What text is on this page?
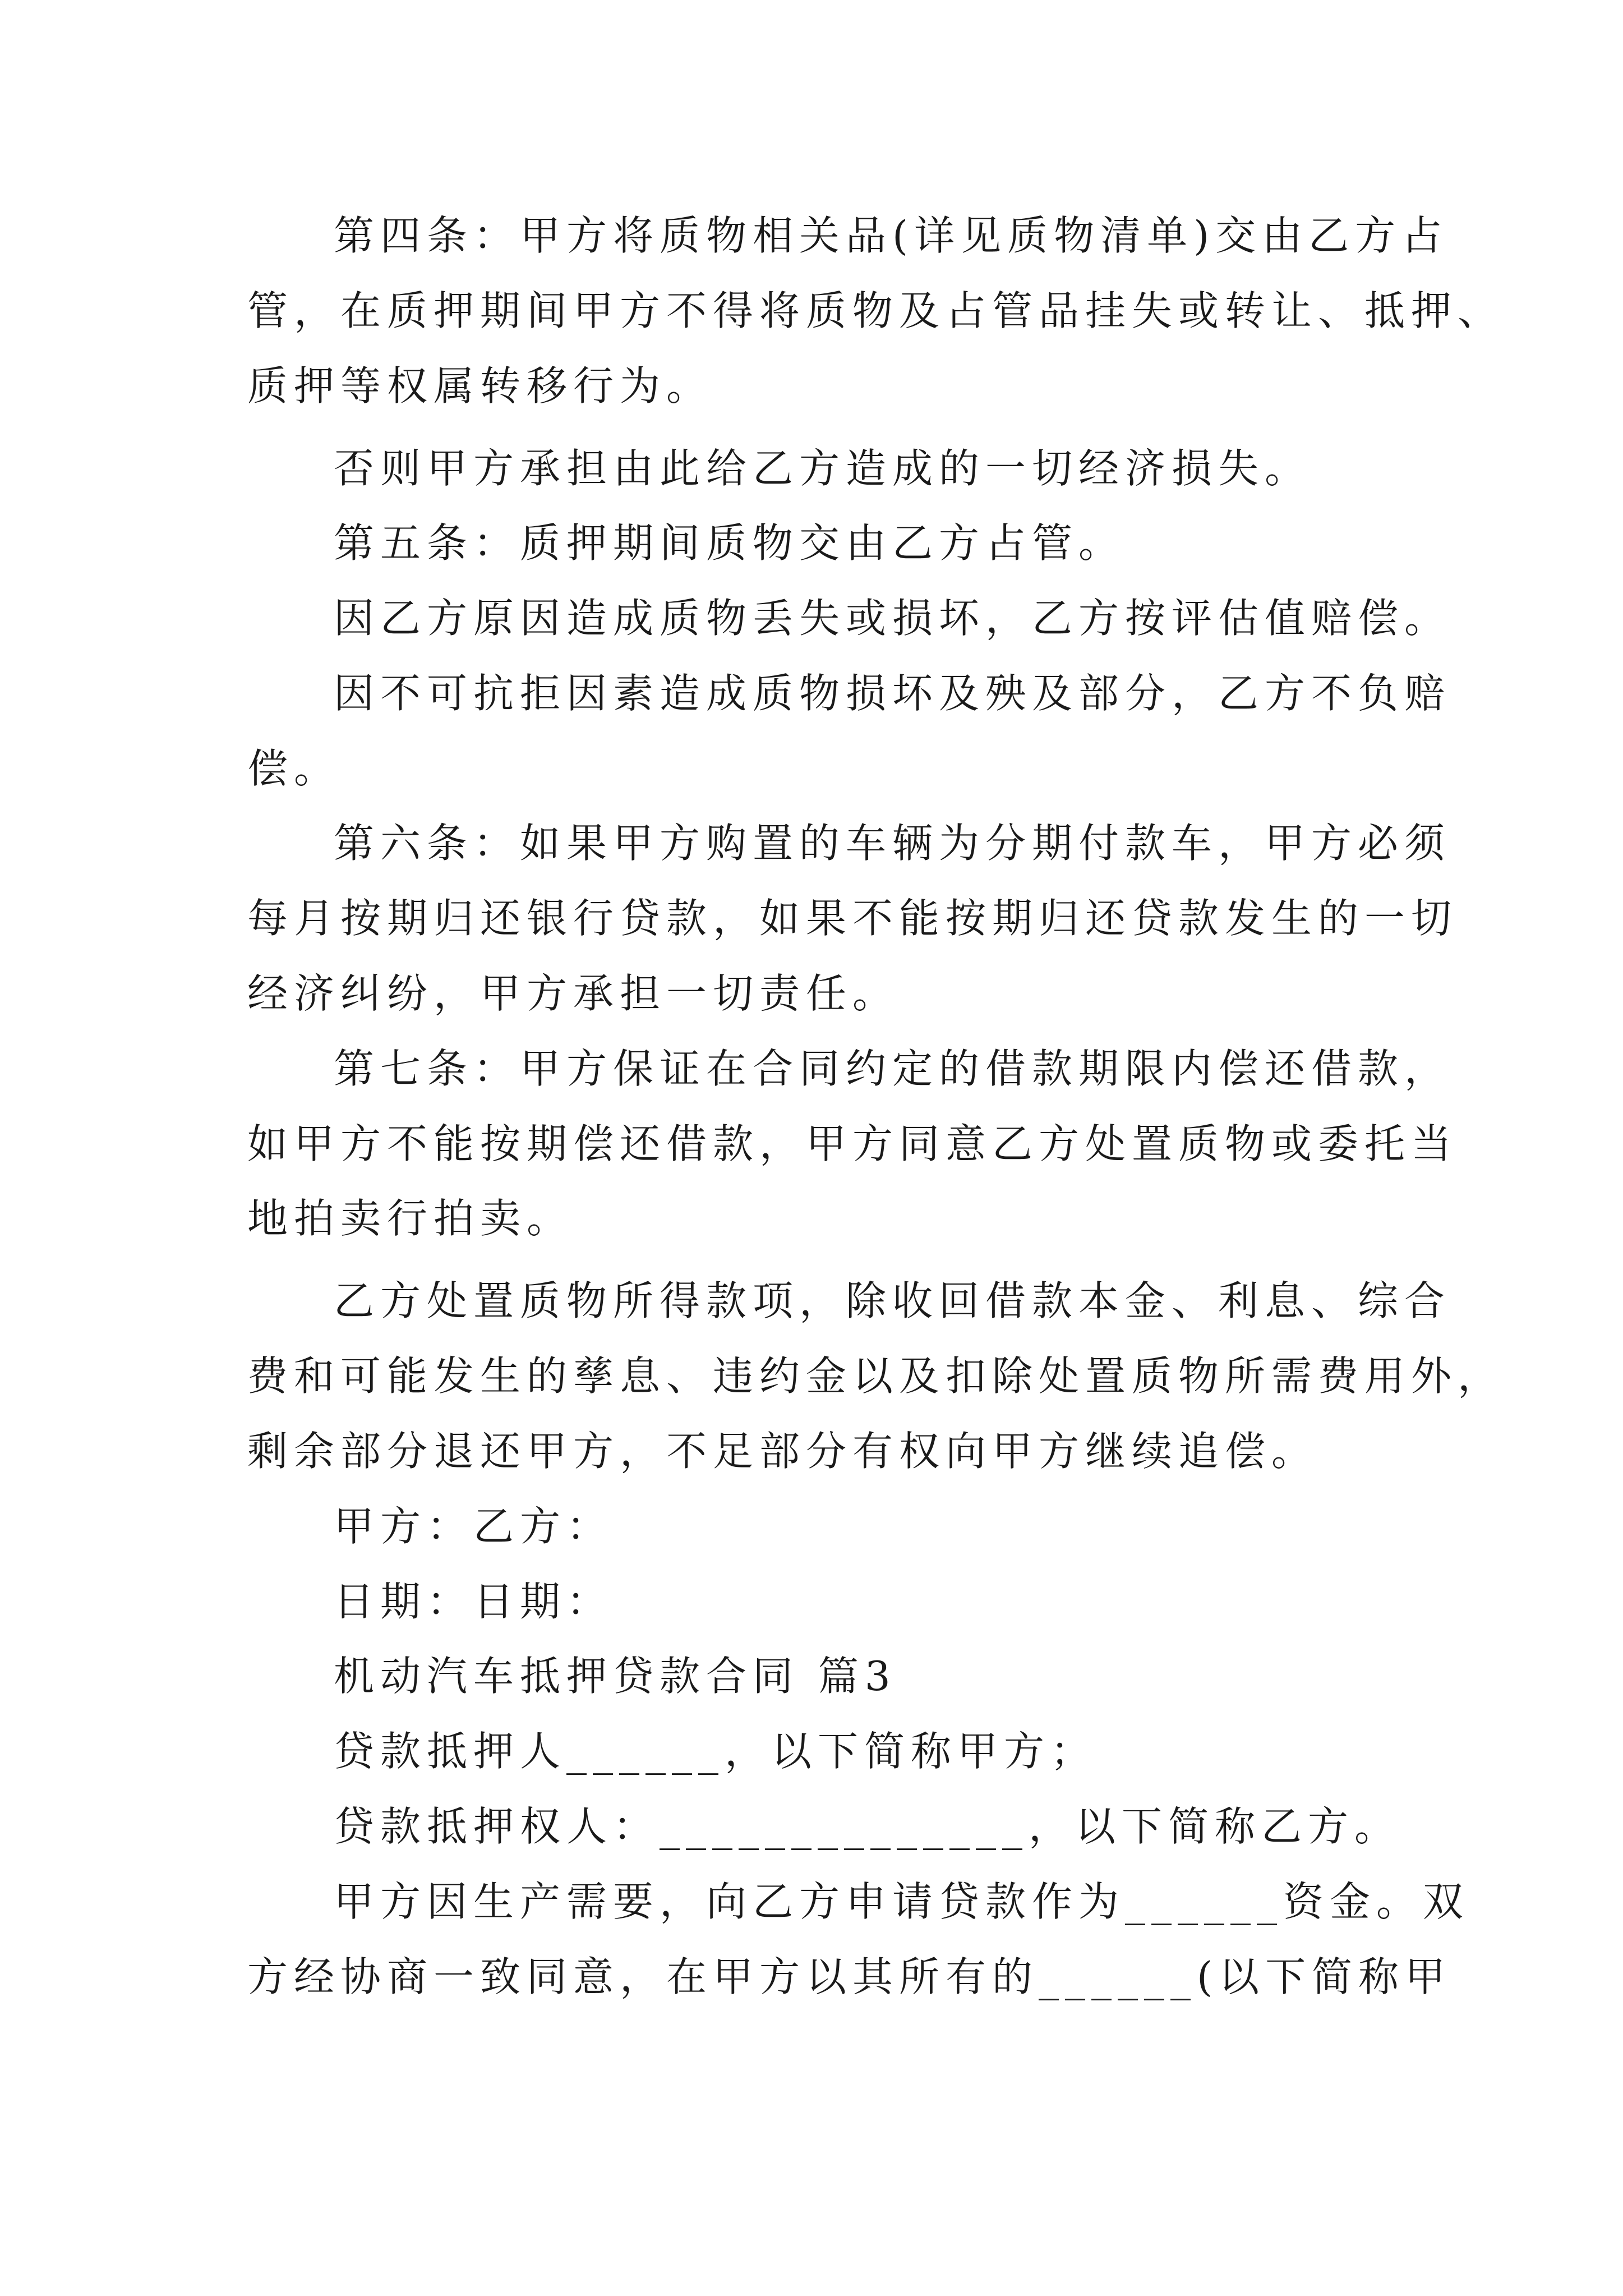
第四条：甲方将质物相关品(详见质物清单)交由乙方占
管，在质押期间甲方不得将质物及占管品挂失或转让、抵押、
质押等权属转移行为。
否则甲方承担由此给乙方造成的一切经济损失。
第五条：质押期间质物交由乙方占管。
因乙方原因造成质物丢失或损坏，乙方按评估值赔偿。
因不可抗拒因素造成质物损坏及殃及部分，乙方不负赔
偿。
第六条：如果甲方购置的车辆为分期付款车，甲方必须
每月按期归还银行贷款，如果不能按期归还贷款发生的一切
经济纠纷，甲方承担一切责任。
第七条：甲方保证在合同约定的借款期限内偿还借款，
如甲方不能按期偿还借款，甲方同意乙方处置质物或委托当
地拍卖行拍卖。
乙方处置质物所得款项，除收回借款本金、利息、综合
费和可能发生的孳息、违约金以及扣除处置质物所需费用外，
剩余部分退还甲方，不足部分有权向甲方继续追偿。
甲方：乙方：
日期：日期：
机动汽车抵押贷款合同 篇3
贷款抵押人______，以下简称甲方；
贷款抵押权人：______________，以下简称乙方。
甲方因生产需要，向乙方申请贷款作为______资金。双
方经协商一致同意，在甲方以其所有的______(以下简称甲
